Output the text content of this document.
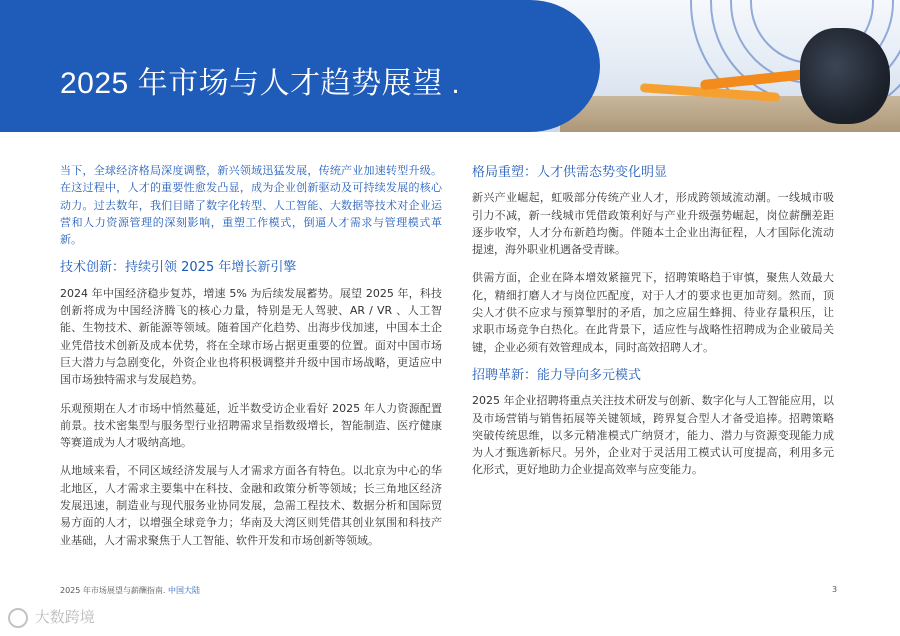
2025 年市场与人才趋势展望 .

当下，全球经济格局深度调整，新兴领域迅猛发展，传统产业加速转型升级。在这过程中，人才的重要性愈发凸显，成为企业创新驱动及可持续发展的核心动力。过去数年，我们目睹了数字化转型、人工智能、大数据等技术对企业运营和人力资源管理的深刻影响，重塑工作模式，倒逼人才需求与管理模式革新。

技术创新：持续引领 2025 年增长新引擎

2024 年中国经济稳步复苏，增速 5% 为后续发展蓄势。展望 2025 年，科技创新将成为中国经济腾飞的核心力量，特别是无人驾驶、AR / VR 、人工智能、生物技术、新能源等领域。随着国产化趋势、出海步伐加速，中国本土企业凭借技术创新及成本优势，将在全球市场占据更重要的位置。面对中国市场巨大潜力与急剧变化，外资企业也将积极调整并升级中国市场战略，更适应中国市场独特需求与发展趋势。

乐观预期在人才市场中悄然蔓延，近半数受访企业看好 2025 年人力资源配置前景。技术密集型与服务型行业招聘需求呈指数级增长，智能制造、医疗健康等赛道成为人才吸纳高地。

从地域来看，不同区域经济发展与人才需求方面各有特色。以北京为中心的华北地区，人才需求主要集中在科技、金融和政策分析等领域；长三角地区经济发展迅速，制造业与现代服务业协同发展，急需工程技术、数据分析和国际贸易方面的人才，以增强全球竞争力；华南及大湾区则凭借其创业氛围和科技产业基础，人才需求聚焦于人工智能、软件开发和市场创新等领域。

格局重塑：人才供需态势变化明显

新兴产业崛起，虹吸部分传统产业人才，形成跨领域流动潮。一线城市吸引力不减，新一线城市凭借政策利好与产业升级强势崛起，岗位薪酬差距逐步收窄，人才分布新趋均衡。伴随本土企业出海征程，人才国际化流动提速，海外职业机遇备受青睐。

供需方面，企业在降本增效紧箍咒下，招聘策略趋于审慎，聚焦人效最大化，精细打磨人才与岗位匹配度，对于人才的要求也更加苛刻。然而，顶尖人才供不应求与预算掣肘的矛盾，加之应届生蜂拥、待业存量积压，让求职市场竞争白热化。在此背景下，适应性与战略性招聘成为企业破局关键，企业必须有效管理成本，同时高效招聘人才。

招聘革新：能力导向多元模式

2025 年企业招聘将重点关注技术研发与创新、数字化与人工智能应用，以及市场营销与销售拓展等关键领域，跨界复合型人才备受追捧。招聘策略突破传统思维，以多元精准模式广纳贤才，能力、潜力与资源变现能力成为人才甄选新标尺。另外，企业对于灵活用工模式认可度提高，利用多元化形式，更好地助力企业提高效率与应变能力。

2025 年市场展望与薪酬指南. 中国大陆	3
大数跨境
